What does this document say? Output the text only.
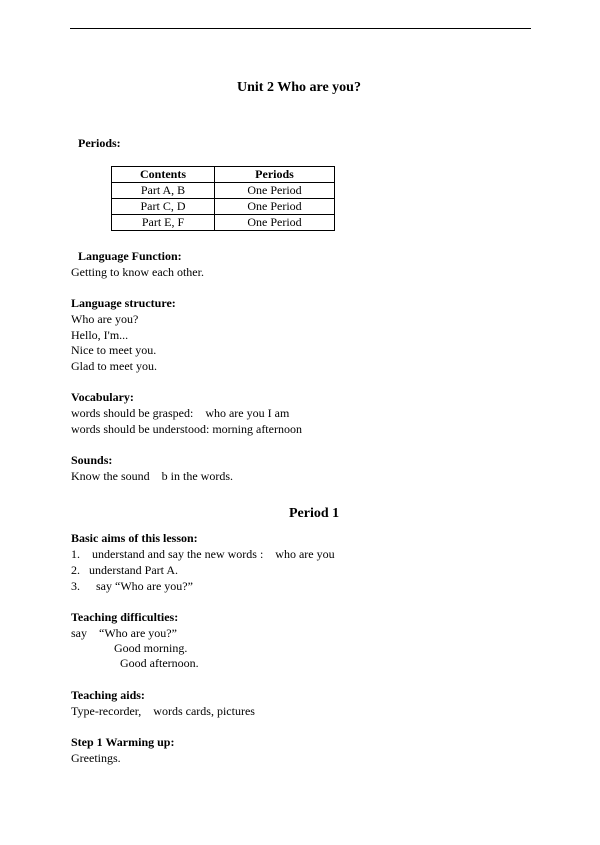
Unit 2 Who are you?
Periods:
Contents	Periods
Part A, B	One Period
Part C, D	One Period
Part E, F	One Period
Language Function:
Getting to know each other.
Language structure:
Who are you?
Hello, I'm...
Nice to meet you.
Glad to meet you.
Vocabulary:
words should be grasped:    who are you I am
words should be understood: morning afternoon
Sounds:
Know the sound    b in the words.
Period 1
Basic aims of this lesson:
1. understand and say the new words :    who are you
2. understand Part A.
3. say “Who are you?”
Teaching difficulties:
say    “Who are you?”
Good morning.
Good afternoon.
Teaching aids:
Type-recorder,    words cards, pictures
Step 1 Warming up:
Greetings.
